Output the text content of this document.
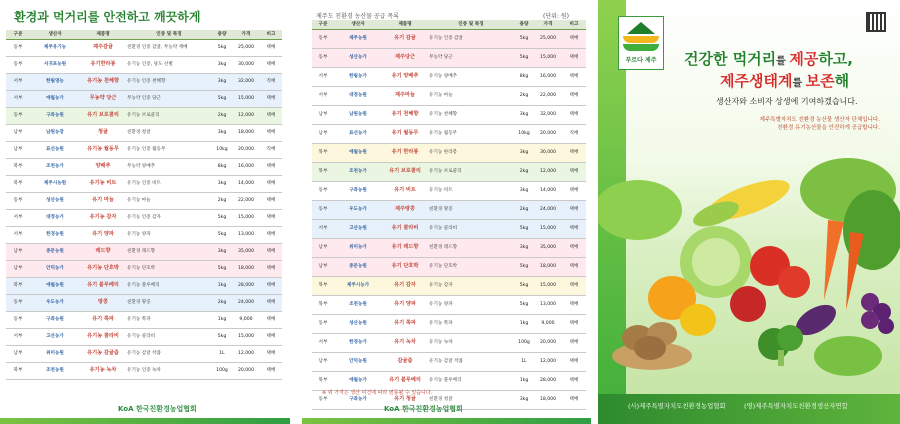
환경과 먹거리를 안전하고 깨끗하게
구분	생산자	제품명	인증 및 특징	용량	가격	비고
동부	제주유기농	제주감귤	친환경 인증 감귤, 무농약 재배	5kg	25,000	택배
동부	서귀포농원	유기한라봉	유기농 인증, 당도 선별	3kg	30,000	택배
서부	한림영농	유기농 천혜향	유기농 인증 천혜향	3kg	32,000	직배
서부	애월농가	무농약 당근	무농약 인증 당근	5kg	15,000	택배
동부	구좌농원	유기 브로콜리	유기농 브로콜리	2kg	12,000	택배
남부	남원농장	청귤	친환경 청귤	3kg	18,000	택배
남부	표선농원	유기농 월동무	유기농 인증 월동무	10kg	20,000	직배
북부	조천농가	양배추	무농약 양배추	8kg	16,000	택배
북부	제주시농원	유기농 비트	유기농 인증 비트	3kg	14,000	택배
동부	성산농원	유기 마늘	유기농 마늘	2kg	22,000	택배
서부	대정농가	유기농 감자	유기농 인증 감자	5kg	15,000	택배
서부	한경농원	유기 양파	유기농 양파	5kg	13,000	택배
남부	중문농원	레드향	친환경 레드향	3kg	35,000	택배
남부	안덕농가	유기농 단호박	유기농 단호박	5kg	18,000	택배
북부	애월농원	유기 블루베리	유기농 블루베리	1kg	28,000	택배
동부	우도농가	땅콩	친환경 땅콩	2kg	24,000	택배
동부	구좌농원	유기 쪽파	유기농 쪽파	1kg	9,000	택배
서부	고산농가	유기농 콜라비	유기농 콜라비	5kg	15,000	택배
남부	위미농원	유기농 감귤즙	유기농 감귤 착즙	1L	12,000	택배
북부	조천농원	유기농 녹차	유기농 인증 녹차	100g	20,000	택배
KoA 한국친환경농업협회
제주도 친환경 농산물 공급 목록	(단위: 원)
구분	생산자	제품명	인증 및 특징	용량	가격	비고
동부	제주농원	유기 감귤	유기농 인증 감귤	5kg	25,000	택배
동부	성산농가	제주당근	무농약 당근	5kg	15,000	택배
서부	한림농가	유기 양배추	유기농 양배추	8kg	16,000	택배
서부	대정농원	제주마늘	유기농 마늘	2kg	22,000	택배
남부	남원농원	유기 천혜향	유기농 천혜향	3kg	32,000	택배
남부	표선농가	유기 월동무	유기농 월동무	10kg	20,000	직배
북부	애월농원	유기 한라봉	유기농 한라봉	3kg	30,000	택배
북부	조천농가	유기 브로콜리	유기농 브로콜리	2kg	12,000	택배
동부	구좌농원	유기 비트	유기농 비트	3kg	14,000	택배
동부	우도농가	제주땅콩	친환경 땅콩	2kg	24,000	택배
서부	고산농원	유기 콜라비	유기농 콜라비	5kg	15,000	택배
남부	위미농가	유기 레드향	친환경 레드향	3kg	35,000	택배
남부	중문농원	유기 단호박	유기농 단호박	5kg	18,000	택배
북부	제주시농가	유기 감자	유기농 감자	5kg	15,000	택배
북부	조천농원	유기 양파	유기농 양파	5kg	13,000	택배
동부	성산농원	유기 쪽파	유기농 쪽파	1kg	9,000	택배
서부	한경농가	유기 녹차	유기농 녹차	100g	20,000	택배
남부	안덕농원	감귤즙	유기농 감귤 착즙	1L	12,000	택배
북부	애월농가	유기 블루베리	유기농 블루베리	1kg	28,000	택배
동부	구좌농가	유기 청귤	친환경 청귤	3kg	18,000	택배
※ 위 가격은 생산 여건에 따라 변동될 수 있습니다.
KoA 한국친환경농업협회
푸르다 제주	건강한 먹거리를 제공하고,
제주생태계를 보존해
생산자와 소비자 상생에 기여하겠습니다.
제주특별자치도 친환경 농산물 생산자 단체입니다.
친환경 유기농산물을 안전하게 공급합니다.
(사)제주특별자치도친환경농업협회	(영)제주특별자치도친환경생산자연합
